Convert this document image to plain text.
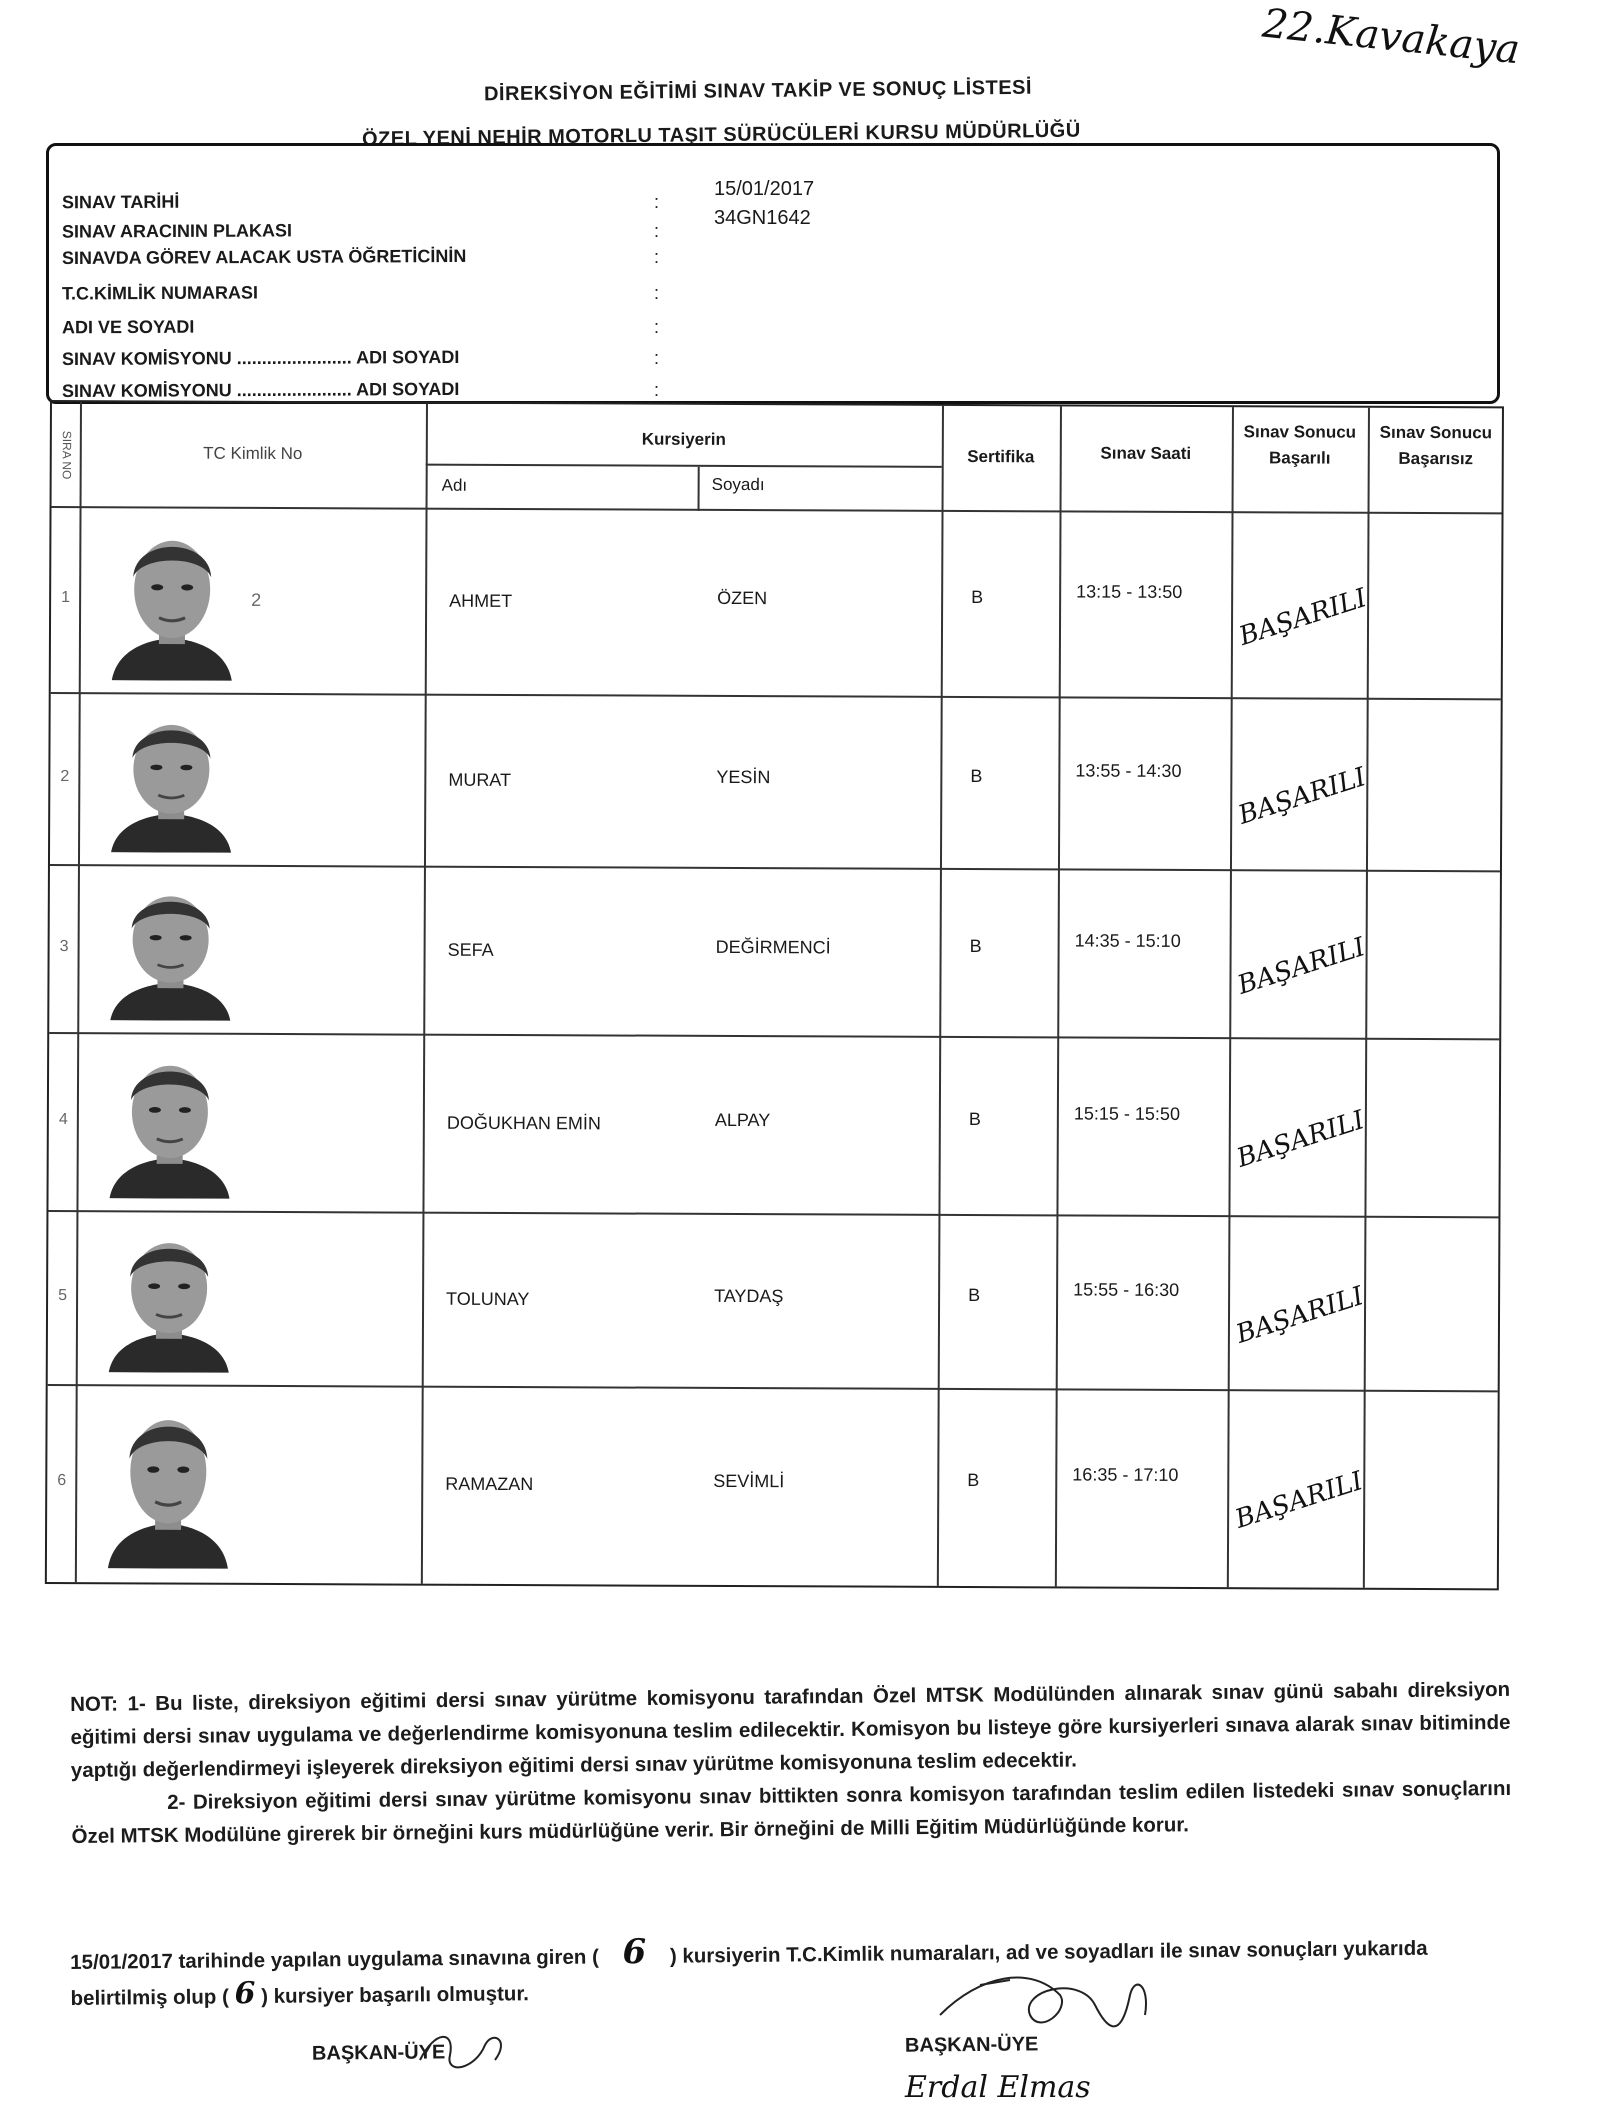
22.Kavakaya
DİREKSİYON EĞİTİMİ SINAV TAKİP VE SONUÇ LİSTESİ
ÖZEL YENİ NEHİR MOTORLU TAŞIT SÜRÜCÜLERİ KURSU MÜDÜRLÜĞÜ
SINAV TARİHİ	:
15/01/2017
SINAV ARACININ PLAKASI	:
34GN1642
SINAVDA GÖREV ALACAK USTA ÖĞRETİCİNİN	:
T.C.KİMLİK NUMARASI	:
ADI VE SOYADI	:
SINAV KOMİSYONU ....................... ADI SOYADI	:
SINAV KOMİSYONU ....................... ADI SOYADI	:
SIRA NO	TC Kimlik No
Kursiyerin
Adı	Soyadı
Sertifika	Sınav Saati
Sınav Sonucu Başarılı
Sınav Sonucu Başarısız
1	2	AHMET	ÖZEN	B	13:15 - 13:50 BAŞARILI
2	MURAT	YESİN	B	13:55 - 14:30 BAŞARILI
3	SEFA	DEĞİRMENCİ	B	14:35 - 15:10 BAŞARILI
4	DOĞUKHAN EMİN	ALPAY	B	15:15 - 15:50 BAŞARILI
5	TOLUNAY	TAYDAŞ	B	15:55 - 16:30 BAŞARILI
6	RAMAZAN	SEVİMLİ	B	16:35 - 17:10 BAŞARILI

NOT: 1- Bu liste, direksiyon eğitimi dersi sınav yürütme komisyonu tarafından Özel MTSK Modülünden alınarak sınav günü sabahı direksiyon eğitimi dersi sınav uygulama ve değerlendirme komisyonuna teslim edilecektir. Komisyon bu listeye göre kursiyerleri sınava alarak sınav bitiminde yaptığı değerlendirmeyi işleyerek direksiyon eğitimi dersi sınav yürütme komisyonuna teslim edecektir.

2- Direksiyon eğitimi dersi sınav yürütme komisyonu sınav bittikten sonra komisyon tarafından teslim edilen listedeki sınav sonuçlarını Özel MTSK Modülüne girerek bir örneğini kurs müdürlüğüne verir. Bir örneğini de Milli Eğitim Müdürlüğünde korur.

15/01/2017 tarihinde yapılan uygulama sınavına giren ( 6 ) kursiyerin T.C.Kimlik numaraları, ad ve soyadları ile sınav sonuçları yukarıda belirtilmiş olup ( 6 ) kursiyer başarılı olmuştur.

BAŞKAN-ÜYE	BAŞKAN-ÜYE
Erdal Elmas
